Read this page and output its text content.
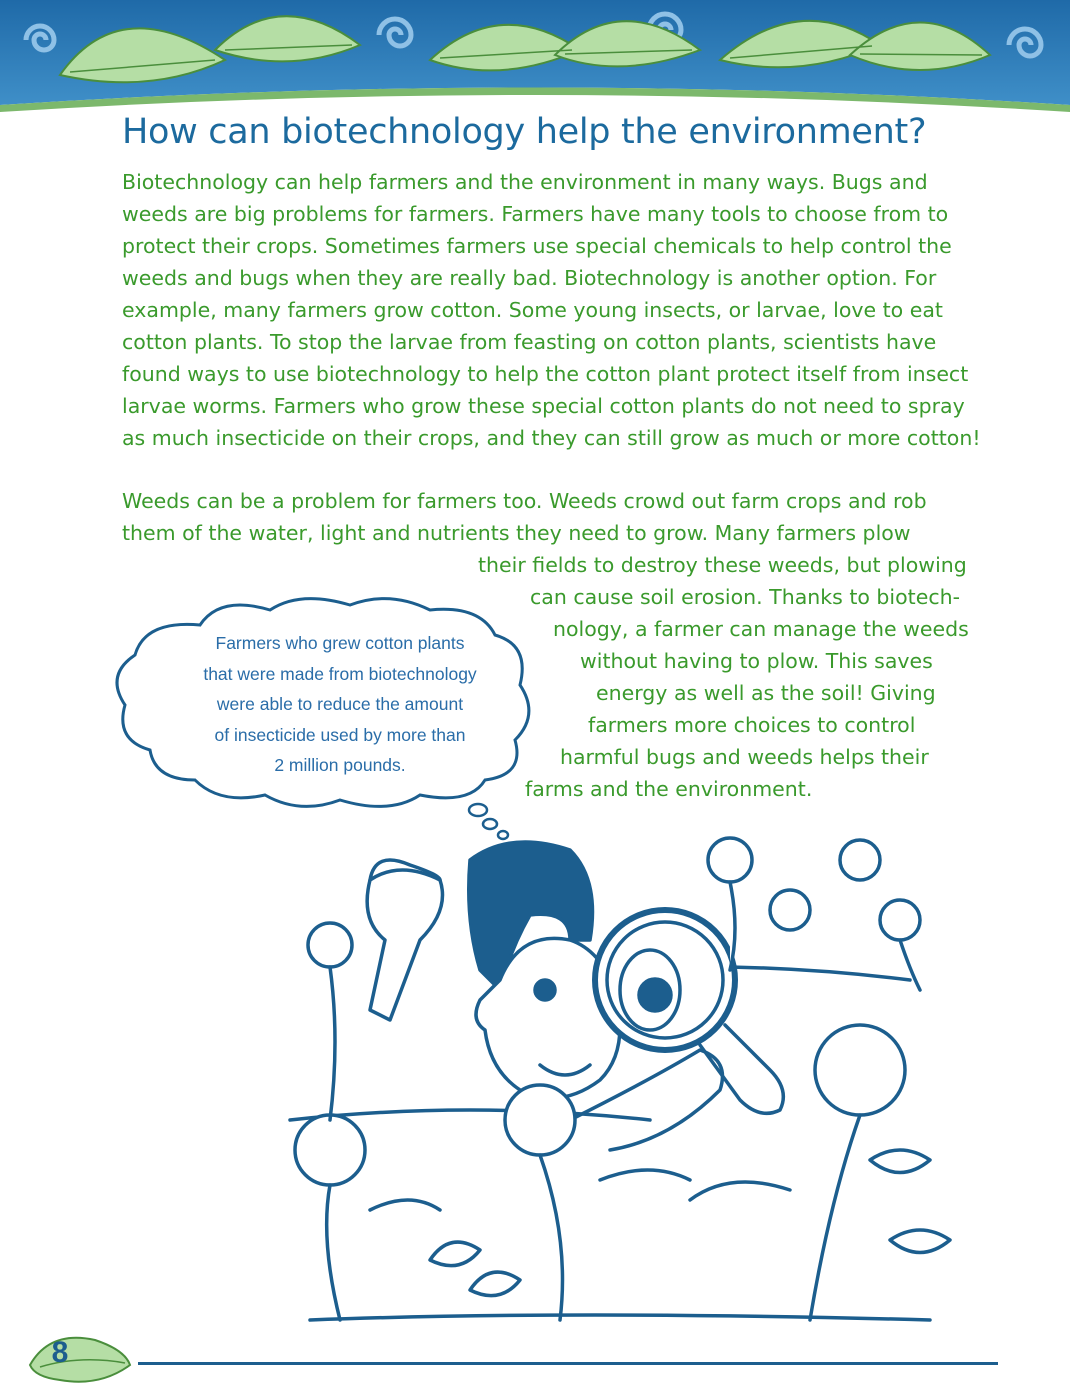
How can biotechnology help the environment?
Biotechnology can help farmers and the environment in many ways. Bugs and
weeds are big problems for farmers. Farmers have many tools to choose from to
protect their crops. Sometimes farmers use special chemicals to help control the
weeds and bugs when they are really bad. Biotechnology is another option. For
example, many farmers grow cotton. Some young insects, or larvae, love to eat
cotton plants. To stop the larvae from feasting on cotton plants, scientists have
found ways to use biotechnology to help the cotton plant protect itself from insect
larvae worms. Farmers who grow these special cotton plants do not need to spray
as much insecticide on their crops, and they can still grow as much or more cotton!
Weeds can be a problem for farmers too. Weeds crowd out farm crops and rob
them of the water, light and nutrients they need to grow. Many farmers plow
their fields to destroy these weeds, but plowing
can cause soil erosion. Thanks to biotech-
nology, a farmer can manage the weeds
without having to plow. This saves
energy as well as the soil! Giving
farmers more choices to control
harmful bugs and weeds helps their
farms and the environment.
Farmers who grew cotton plants
that were made from biotechnology
were able to reduce the amount
of insecticide used by more than
2 million pounds.
8
